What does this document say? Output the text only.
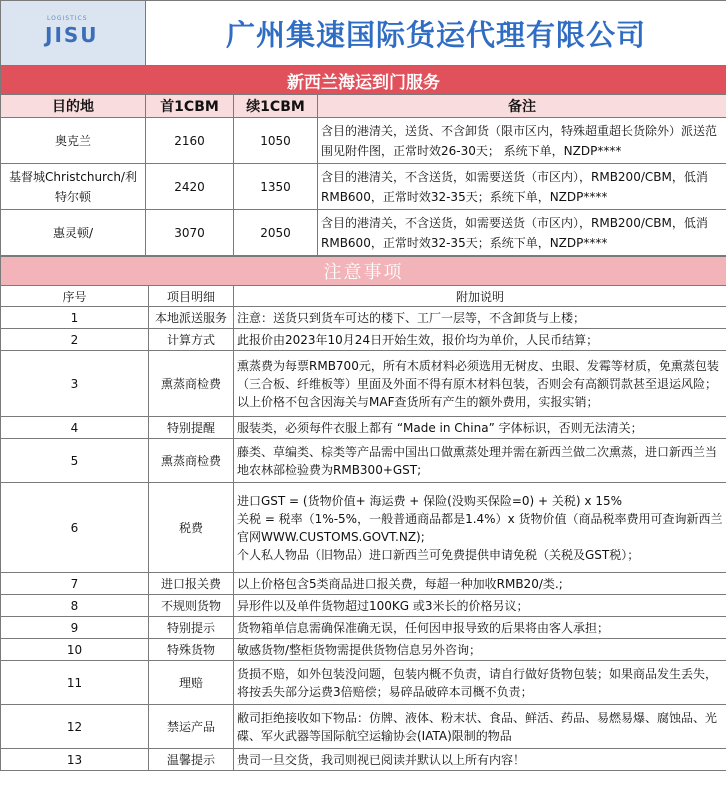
LOGISTICS
JISU	广州集速国际货运代理有限公司		
新西兰海运到门服务			
目的地	首1CBM	续1CBM	备注
奥克兰	2160	1050	含目的港清关，送货、不含卸货（限市区内，特殊超重超长货除外）派送范围见附件图，正常时效26-30天； 系统下单，NZDP****
基督城Christchurch/利特尔顿	2420	1350	含目的港清关，不含送货，如需要送货（市区内），RMB200/CBM，低消RMB600，正常时效32-35天；系统下单，NZDP****
惠灵顿/	3070	2050	含目的港清关，不含送货，如需要送货（市区内），RMB200/CBM，低消RMB600，正常时效32-35天；系统下单，NZDP****
注意事项		
序号	项目明细	附加说明
1	本地派送服务	注意：送货只到货车可达的楼下、工厂一层等，不含卸货与上楼；
2	计算方式	此报价由2023年10月24日开始生效，报价均为单价，人民币结算；
3	熏蒸商检费	熏蒸费为每票RMB700元，所有木质材料必须选用无树皮、虫眼、发霉等材质，免熏蒸包装（三合板、纤维板等）里面及外面不得有原木材料包装，否则会有高额罚款甚至退运风险；以上价格不包含因海关与MAF查货所有产生的额外费用，实报实销；
4	特别提醒	服装类，必须每件衣服上都有 “Made in China” 字体标识，否则无法清关；
5	熏蒸商检费	藤类、草编类、棕类等产品需中国出口做熏蒸处理并需在新西兰做二次熏蒸，进口新西兰当地农林部检验费为RMB300+GST;
6	税费	进口GST = (货物价值+ 海运费 + 保险(没购买保险=0) + 关税) x 15%
关税 = 税率（1%-5%，一般普通商品都是1.4%）x 货物价值（商品税率费用可查询新西兰官网WWW.CUSTOMS.GOVT.NZ);
个人私人物品（旧物品）进口新西兰可免费提供申请免税（关税及GST税）；

7	进口报关费	以上价格包含5类商品进口报关费，每超一种加收RMB20/类.;
8	不规则货物	异形件以及单件货物超过100KG 或3米长的价格另议；
9	特别提示	货物箱单信息需确保准确无误，任何因申报导致的后果将由客人承担；
10	特殊货物	敏感货物/整柜货物需提供货物信息另外咨询；
11	理赔	货损不赔，如外包装没问题，包装内概不负责，请自行做好货物包装；如果商品发生丢失，将按丢失部分运费3倍赔偿；易碎品破碎本司概不负责；
12	禁运产品	敝司拒绝接收如下物品：仿牌、液体、粉末状、食品、鲜活、药品、易燃易爆、腐蚀品、光碟、军火武器等国际航空运输协会(IATA)限制的物品
13	温馨提示	贵司一旦交货，我司则视已阅读并默认以上所有内容！
